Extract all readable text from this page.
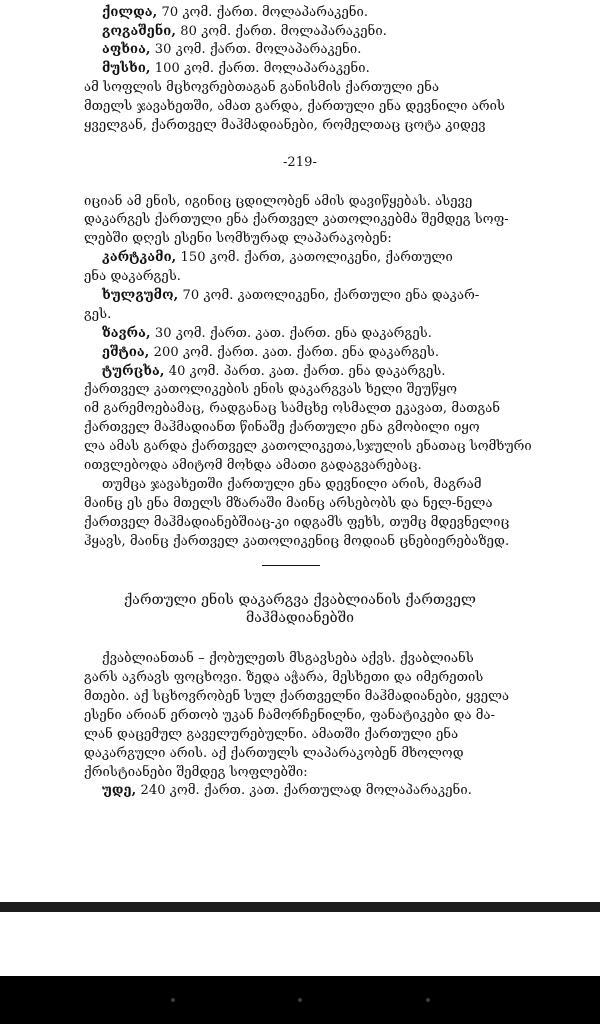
ქილდა, 70 კომ. ქართ. მოლაპარაკენი.
გოგაშენი, 80 კომ. ქართ. მოლაპარაკენი.
აფხია, 30 კომ. ქართ. მოლაპარაკენი.
მუსხი, 100 კომ. ქართ. მოლაპარაკენი.
ამ სოფლის მცხოვრებთაგან განისმის ქართული ენა
მთელს ჯავახეთში, ამათ გარდა, ქართული ენა დევნილი არის
ყველგან, ქართველ მაჰმადიანები, რომელთაც ცოტა კიდევ
-219-
იციან ამ ენის, იგინიც ცდილობენ ამის დავიწყებას. ასევე
დაკარგეს ქართული ენა ქართველ კათოლიკებმა შემდეგ სოფ-
ლებში დღეს ესენი სომხურად ლაპარაკობენ:
კარტკამი, 150 კომ. ქართ, კათოლიკენი, ქართული
ენა დაკარგეს.
ხულგუმო, 70 კომ. კათოლიკენი, ქართული ენა დაკარ-
გეს.
ზავრა, 30 კომ. ქართ. კათ. ქართ. ენა დაკარგეს.
ეშტია, 200 კომ. ქართ. კათ. ქართ. ენა დაკარგეს.
ტურცხა, 40 კომ. პართ. კათ. ქართ. ენა დაკარგეს.
ქართველ კათოლიკების ენის დაკარგვას ხელი შეუწყო
იმ გარემოებამაც, რადგანაც სამცხე ოსმალთ ეკავათ, მათგან
ქართველ მაჰმადიანთ წინაშე ქართული ენა გმობილი იყო
ლა ამას გარდა ქართველ კათოლიკეთა,სჯულის ენათაც სომხური
ითვლებოდა ამიტომ მოხდა ამათი გადაგვარებაც.
თუმცა ჯავახეთში ქართული ენა დევნილი არის, მაგრამ
მაინც ეს ენა მთელს მზარაში მაინც არსებობს და ნელ-ნელა
ქართველ მაჰმადიანებშიაც-კი იდგამს ფეხს, თუმც მდევნელიც
ჰყავს, მაინც ქართველ კათოლიკენიც მოდიან ცნებიერებაზედ.
ქართული ენის დაკარგვა ქვაბლიანის ქართველ
მაჰმადიანებში
ქვაბლიანთან – ქობულეთს მსგავსება აქვს. ქვაბლიანს
გარს აკრავს ფოცხოვი. ზედა აჭარა, მესხეთი და იმერეთის
მთები. აქ სცხოვრობენ სულ ქართველნი მაჰმადიანები, ყველა
ესენი არიან ერთობ უკან ჩამორჩენილნი, ფანატიკები და მა-
ლან დაცემულ გაველურებულნი. ამათში ქართული ენა
დაკარგული არის. აქ ქართულს ლაპარაკობენ მხოლოდ
ქრისტიანები შემდეგ სოფლებში:
უდე, 240 კომ. ქართ. კათ. ქართულად მოლაპარაკენი.
